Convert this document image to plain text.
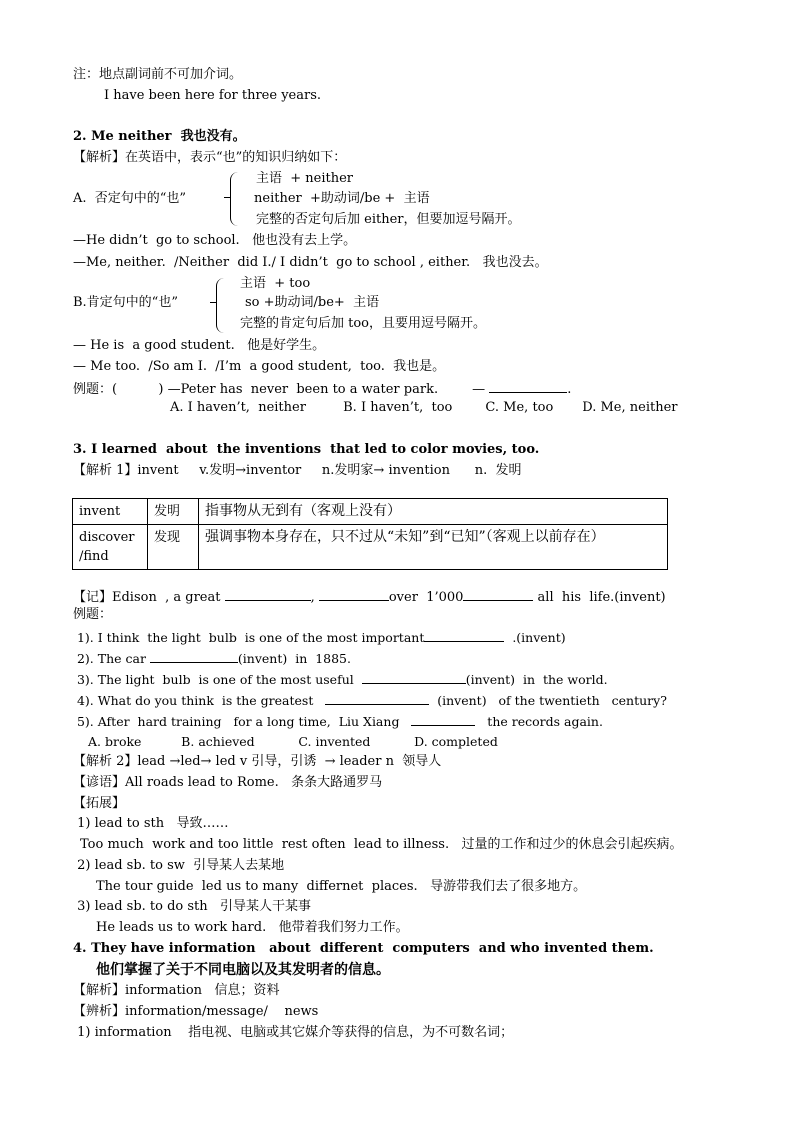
注：地点副词前不可加介词。
I have been here for three years.
2. Me neither  我也没有。
【解析】在英语中，表示“也”的知识归纳如下：
主语  + neither
A.  否定句中的“也”	neither  +助动词/be +  主语
完整的否定句后加 either，但要加逗号隔开。
—He didn’t  go to school.   他也没有去上学。
—Me, neither.  /Neither  did I./ I didn’t  go to school , either.   我也没去。
主语  + too
B.肯定句中的“也”	so +助动词/be+  主语
完整的肯定句后加 too，且要用逗号隔开。
— He is  a good student.   他是好学生。
— Me too.  /So am I.  /I’m  a good student,  too.  我也是。
例题：(          ) —Peter has  never  been to a water park.	—	.
A. I haven’t,  neither         B. I haven’t,  too        C. Me, too       D. Me, neither
3. I learned  about  the inventions  that led to color movies, too.
【解析 1】invent     v.发明→inventor     n.发明家→ invention      n.  发明
invent	发明	指事物从无到有（客观上没有）
discover
/find	发现	强调事物本身存在，只不过从“未知”到“已知”（客观上以前存在）
【记】Edison  , a great	,	over  1’000	all  his  life.(invent)
例题：
1). I think  the light  bulb  is one of the most important	.(invent)
2). The car	(invent)  in  1885.
3). The light  bulb  is one of the most useful	(invent)  in  the world.
4). What do you think  is the greatest	(invent)   of the twentieth   century?
5). After  hard training   for a long time,  Liu Xiang	the records again.
A. broke          B. achieved           C. invented           D. completed
【解析 2】lead →led→ led v 引导，引诱  → leader n  领导人
【谚语】All roads lead to Rome.   条条大路通罗马
【拓展】
1) lead to sth   导致……
Too much  work and too little  rest often  lead to illness.   过量的工作和过少的休息会引起疾病。
2) lead sb. to sw  引导某人去某地
The tour guide  led us to many  differnet  places.   导游带我们去了很多地方。
3) lead sb. to do sth   引导某人干某事
He leads us to work hard.   他带着我们努力工作。
4. They have information   about  different  computers  and who invented them.
他们掌握了关于不同电脑以及其发明者的信息。
【解析】information   信息；资料
【辨析】information/message/    news
1) information    指电视、电脑或其它媒介等获得的信息，为不可数名词；
